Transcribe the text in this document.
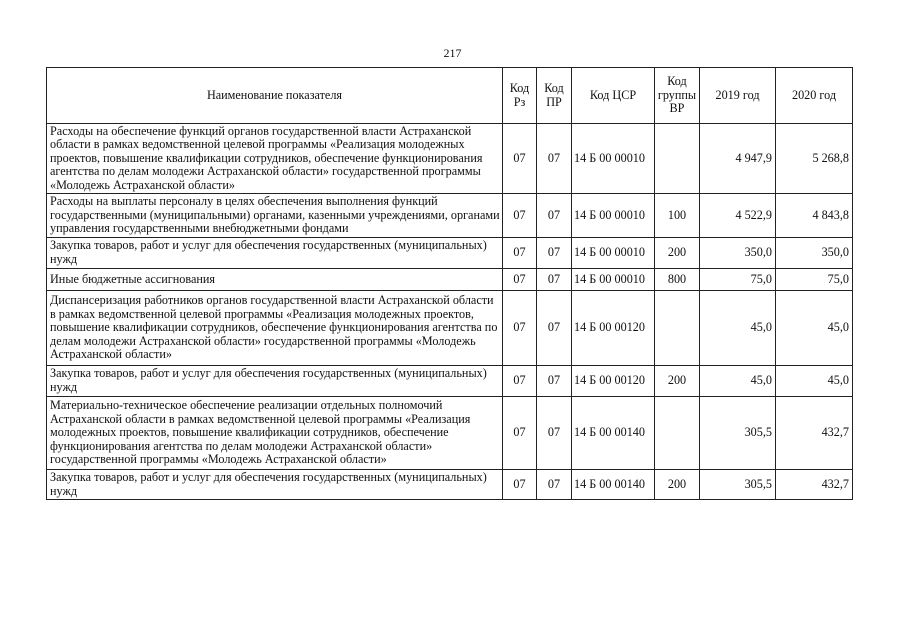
217
Наименование показателя	Код Рз	Код ПР	Код ЦСР	Код группы ВР	2019 год	2020 год
Расходы на обеспечение функций органов государственной власти Астраханской области в рамках ведомственной целевой программы «Реализация молодежных проектов, повышение квалификации сотрудников, обеспечение функционирования агентства по делам молодежи Астраханской области» государственной программы «Молодежь Астраханской области»	07	07	14 Б 00 00010		4 947,9	5 268,8
Расходы на выплаты персоналу в целях обеспечения выполнения функций государственными (муниципальными) органами, казенными учреждениями, органами управления государственными внебюджетными фондами	07	07	14 Б 00 00010	100	4 522,9	4 843,8
Закупка товаров, работ и услуг для обеспечения государственных (муниципальных) нужд	07	07	14 Б 00 00010	200	350,0	350,0
Иные бюджетные ассигнования	07	07	14 Б 00 00010	800	75,0	75,0
Диспансеризация работников органов государственной власти Астраханской области в рамках ведомственной целевой программы «Реализация молодежных проектов, повышение квалификации сотрудников, обеспечение функционирования агентства по делам молодежи Астраханской области» государственной программы «Молодежь Астраханской области»	07	07	14 Б 00 00120		45,0	45,0
Закупка товаров, работ и услуг для обеспечения государственных (муниципальных) нужд	07	07	14 Б 00 00120	200	45,0	45,0
Материально-техническое обеспечение реализации отдельных полномочий Астраханской области в рамках ведомственной целевой программы «Реализация молодежных проектов, повышение квалификации сотрудников, обеспечение функционирования агентства по делам молодежи Астраханской области» государственной программы «Молодежь Астраханской области»	07	07	14 Б 00 00140		305,5	432,7
Закупка товаров, работ и услуг для обеспечения государственных (муниципальных) нужд	07	07	14 Б 00 00140	200	305,5	432,7
